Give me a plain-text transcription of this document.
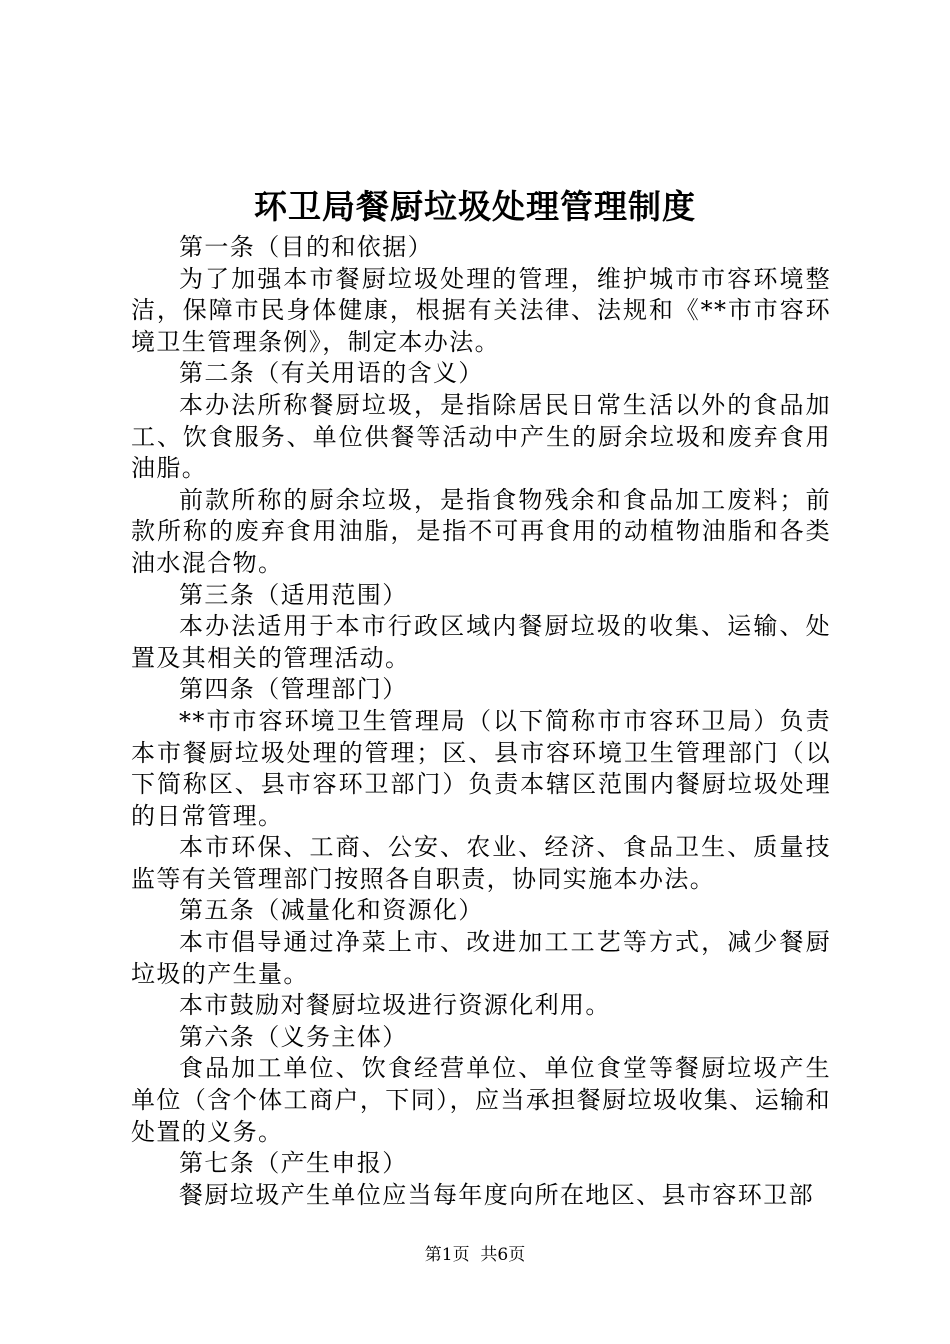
环卫局餐厨垃圾处理管理制度

第一条（目的和依据）

为了加强本市餐厨垃圾处理的管理，维护城市市容环境整洁，保障市民身体健康，根据有关法律、法规和《**市市容环境卫生管理条例》，制定本办法。

第二条（有关用语的含义）

本办法所称餐厨垃圾，是指除居民日常生活以外的食品加工、饮食服务、单位供餐等活动中产生的厨余垃圾和废弃食用油脂。

前款所称的厨余垃圾，是指食物残余和食品加工废料；前款所称的废弃食用油脂，是指不可再食用的动植物油脂和各类油水混合物。

第三条（适用范围）

本办法适用于本市行政区域内餐厨垃圾的收集、运输、处置及其相关的管理活动。

第四条（管理部门）

**市市容环境卫生管理局（以下简称市市容环卫局）负责本市餐厨垃圾处理的管理；区、县市容环境卫生管理部门（以下简称区、县市容环卫部门）负责本辖区范围内餐厨垃圾处理的日常管理。

本市环保、工商、公安、农业、经济、食品卫生、质量技监等有关管理部门按照各自职责，协同实施本办法。

第五条（减量化和资源化）

本市倡导通过净菜上市、改进加工工艺等方式，减少餐厨垃圾的产生量。

本市鼓励对餐厨垃圾进行资源化利用。

第六条（义务主体）

食品加工单位、饮食经营单位、单位食堂等餐厨垃圾产生单位（含个体工商户，下同），应当承担餐厨垃圾收集、运输和处置的义务。

第七条（产生申报）

餐厨垃圾产生单位应当每年度向所在地区、县市容环卫部

第1页 共6页
